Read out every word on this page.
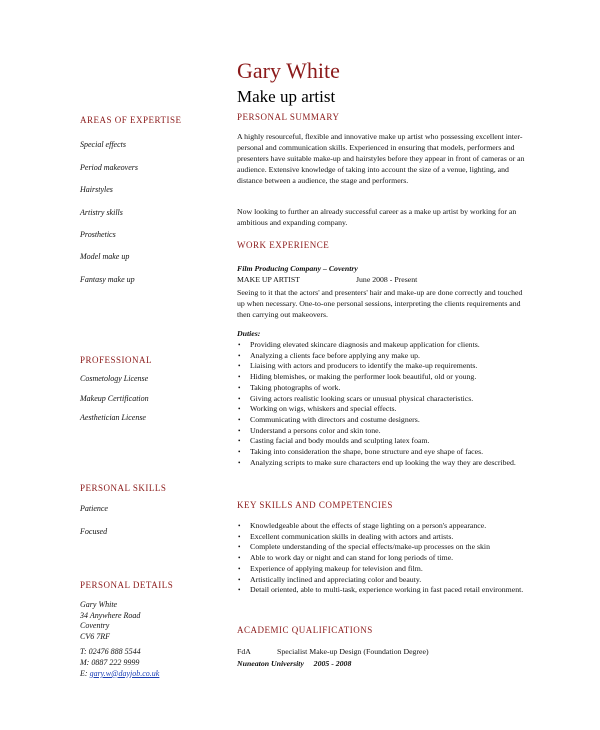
Gary White
Make up artist
AREAS OF EXPERTISE
Special effects
Period makeovers
Hairstyles
Artistry skills
Prosthetics
Model make up
Fantasy make up
PROFESSIONAL
Cosmetology License
Makeup Certification
Aesthetician License
PERSONAL SKILLS
Patience
Focused
PERSONAL DETAILS
Gary White
34 Anywhere Road
Coventry
CV6 7RF
T: 02476 888 5544
M: 0887 222 9999
E: gary.w@dayjob.co.uk
PERSONAL SUMMARY
A highly resourceful, flexible and innovative make up artist who possessing excellent inter-personal and communication skills. Experienced in ensuring that models, performers and presenters have suitable make-up and hairstyles before they appear in front of cameras or an audience. Extensive knowledge of taking into account the size of a venue, lighting, and distance between a audience, the stage and performers.
Now looking to further an already successful career as a make up artist by working for an ambitious and expanding company.
WORK EXPERIENCE
Film Producing Company – Coventry
MAKE UP ARTIST	June 2008 - Present
Seeing to it that the actors' and presenters' hair and make-up are done correctly and touched up when necessary. One-to-one personal sessions, interpreting the clients requirements and then carrying out makeovers.
Duties:
• Providing elevated skincare diagnosis and makeup application for clients.
• Analyzing a clients face before applying any make up.
• Liaising with actors and producers to identify the make-up requirements.
• Hiding blemishes, or making the performer look beautiful, old or young.
• Taking photographs of work.
• Giving actors realistic looking scars or unusual physical characteristics.
• Working on wigs, whiskers and special effects.
• Communicating with directors and costume designers.
• Understand a persons color and skin tone.
• Casting facial and body moulds and sculpting latex foam.
• Taking into consideration the shape, bone structure and eye shape of faces.
• Analyzing scripts to make sure characters end up looking the way they are described.
KEY SKILLS AND COMPETENCIES
• Knowledgeable about the effects of stage lighting on a person's appearance.
• Excellent communication skills in dealing with actors and artists.
• Complete understanding of the special effects/make-up processes on the skin
• Able to work day or night and can stand for long periods of time.
• Experience of applying makeup for television and film.
• Artistically inclined and appreciating color and beauty.
• Detail oriented, able to multi-task, experience working in fast paced retail environment.
ACADEMIC QUALIFICATIONS
FdA	Specialist Make-up Design (Foundation Degree)
Nuneaton University     2005 - 2008
